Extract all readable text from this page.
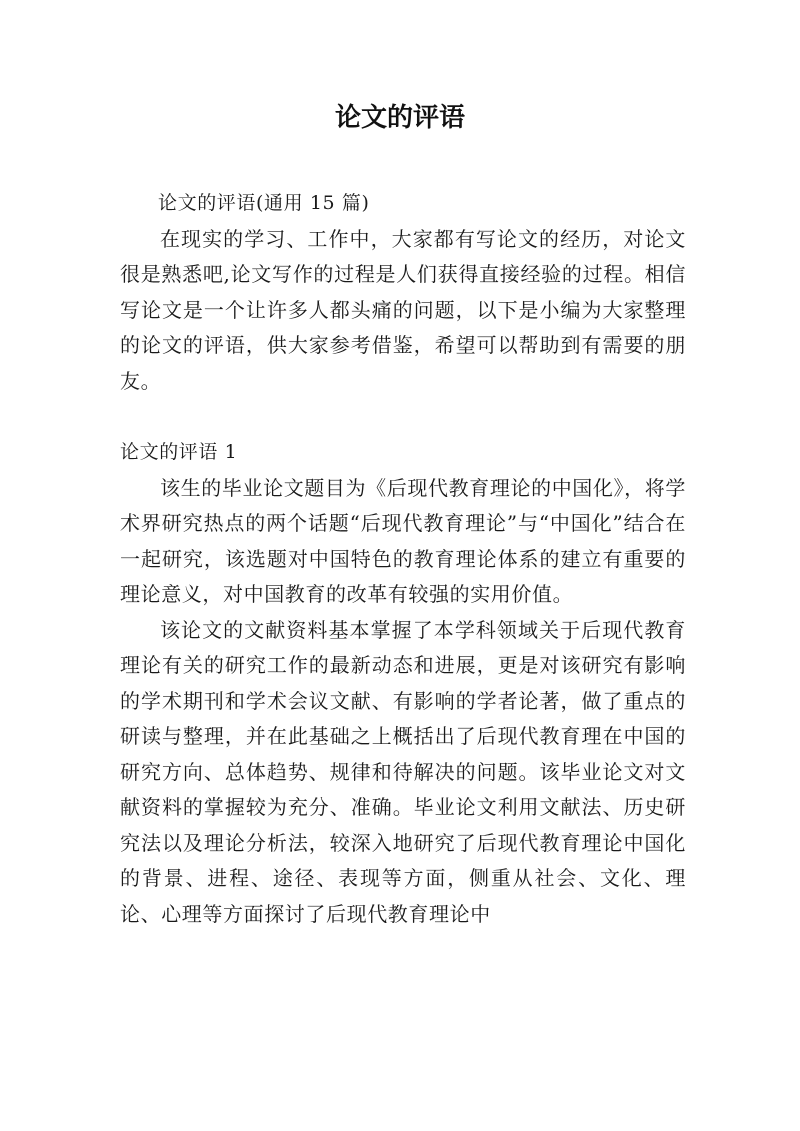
论文的评语

论文的评语(通用 15 篇)

在现实的学习、工作中，大家都有写论文的经历，对论文很是熟悉吧,论文写作的过程是人们获得直接经验的过程。相信写论文是一个让许多人都头痛的问题，以下是小编为大家整理的论文的评语，供大家参考借鉴，希望可以帮助到有需要的朋友。

论文的评语 1

该生的毕业论文题目为《后现代教育理论的中国化》，将学术界研究热点的两个话题“后现代教育理论”与“中国化”结合在一起研究，该选题对中国特色的教育理论体系的建立有重要的理论意义，对中国教育的改革有较强的实用价值。

该论文的文献资料基本掌握了本学科领域关于后现代教育理论有关的研究工作的最新动态和进展，更是对该研究有影响的学术期刊和学术会议文献、有影响的学者论著，做了重点的研读与整理，并在此基础之上概括出了后现代教育理在中国的研究方向、总体趋势、规律和待解决的问题。该毕业论文对文献资料的掌握较为充分、准确。毕业论文利用文献法、历史研究法以及理论分析法，较深入地研究了后现代教育理论中国化的背景、进程、途径、表现等方面，侧重从社会、文化、理论、心理等方面探讨了后现代教育理论中
